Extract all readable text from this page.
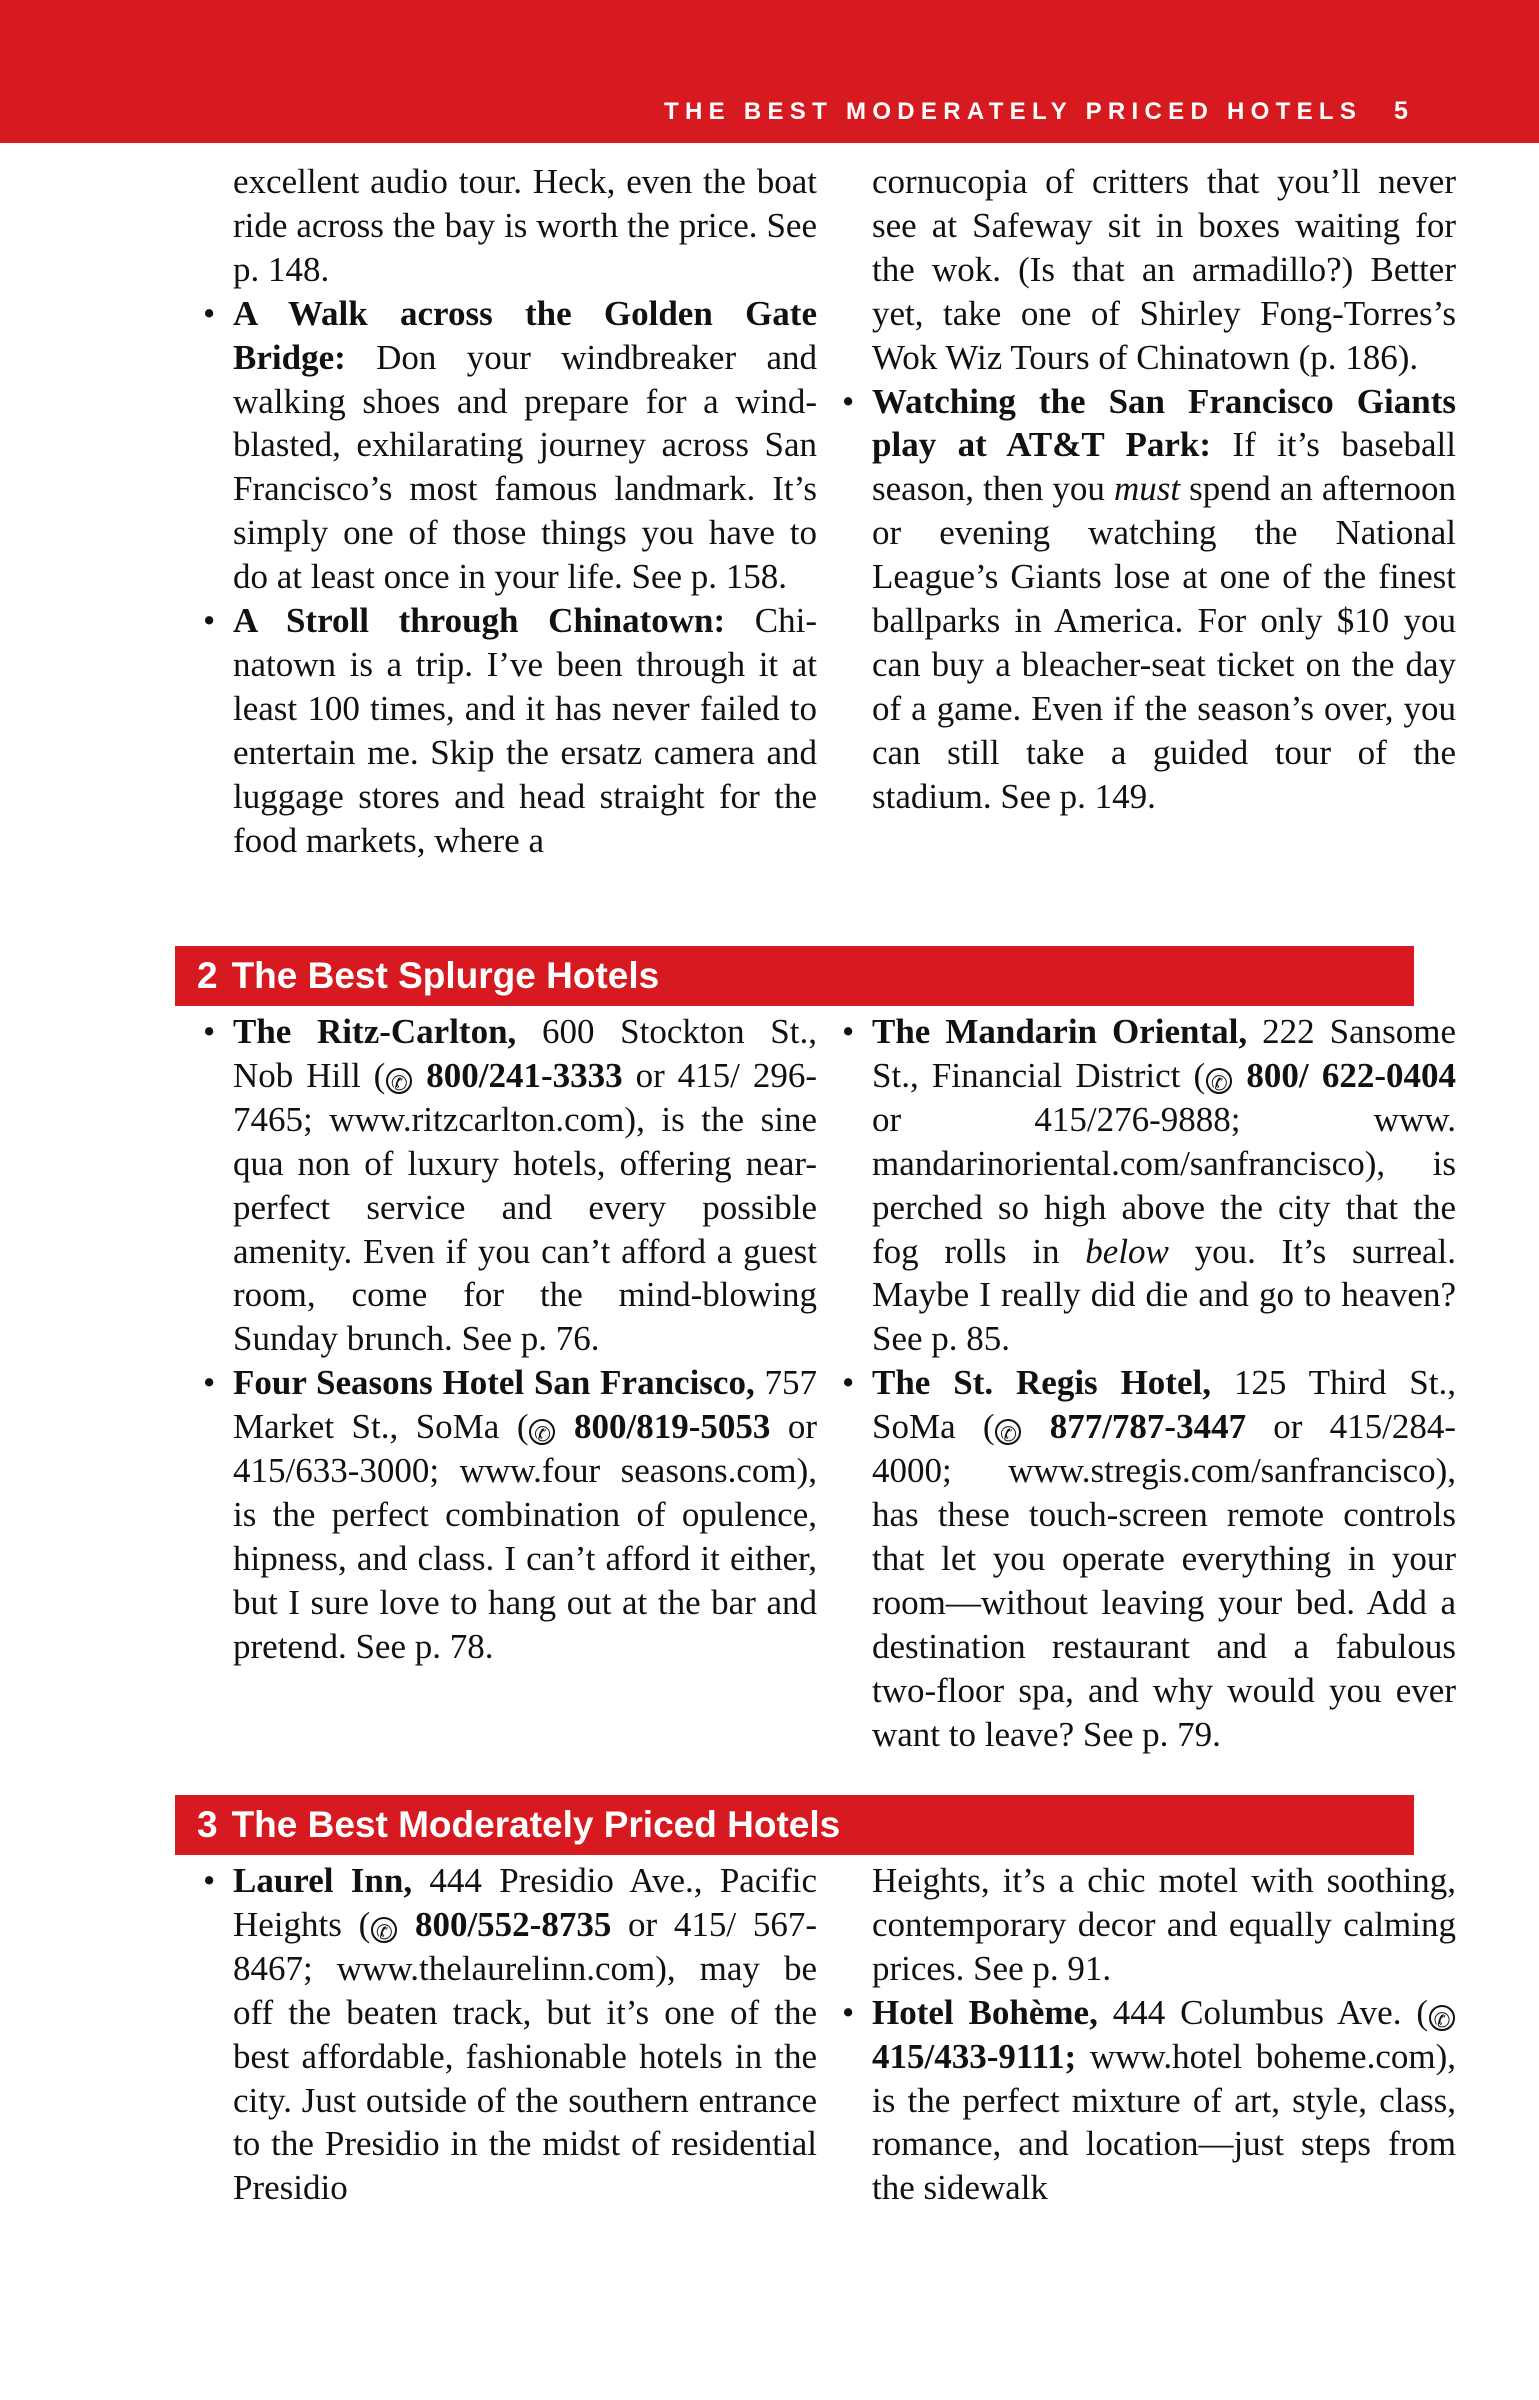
THE BEST MODERATELY PRICED HOTELS 5

excellent audio tour. Heck, even the boat ride across the bay is worth the price. See p. 148.

• A Walk across the Golden Gate Bridge: Don your windbreaker and walking shoes and prepare for a wind-blasted, exhilarating journey across San Francisco’s most famous landmark. It’s simply one of those things you have to do at least once in your life. See p. 158.

• A Stroll through Chinatown: Chinatown is a trip. I’ve been through it at least 100 times, and it has never failed to entertain me. Skip the ersatz camera and luggage stores and head straight for the food markets, where a

cornucopia of critters that you’ll never see at Safeway sit in boxes waiting for the wok. (Is that an armadillo?) Better yet, take one of Shirley Fong-Torres’s Wok Wiz Tours of Chinatown (p. 186).

• Watching the San Francisco Giants play at AT&T Park: If it’s baseball season, then you must spend an afternoon or evening watching the National League’s Giants lose at one of the finest ballparks in America. For only $10 you can buy a bleacher-seat ticket on the day of a game. Even if the season’s over, you can still take a guided tour of the stadium. See p. 149.

2 The Best Splurge Hotels

• The Ritz-Carlton, 600 Stockton St., Nob Hill ( ✆ 800/241-3333 or 415/ 296-7465; www.ritzcarlton.com), is the sine qua non of luxury hotels, offering near-perfect service and every possible amenity. Even if you can’t afford a guest room, come for the mind-blowing Sunday brunch. See p. 76.

• Four Seasons Hotel San Francisco, 757 Market St., SoMa ( ✆ 800/819-5053 or 415/633-3000; www.four seasons.com), is the perfect combination of opulence, hipness, and class. I can’t afford it either, but I sure love to hang out at the bar and pretend. See p. 78.

• The Mandarin Oriental, 222 Sansome St., Financial District ( ✆ 800/ 622-0404 or 415/276-9888; www. mandarinoriental.com/sanfrancisco), is perched so high above the city that the fog rolls in below you. It’s surreal. Maybe I really did die and go to heaven? See p. 85.

• The St. Regis Hotel, 125 Third St., SoMa ( ✆ 877/787-3447 or 415/284-4000; www.stregis.com/sanfrancisco), has these touch-screen remote controls that let you operate everything in your room—without leaving your bed. Add a destination restaurant and a fabulous two-floor spa, and why would you ever want to leave? See p. 79.

3 The Best Moderately Priced Hotels

• Laurel Inn, 444 Presidio Ave., Pacific Heights ( ✆ 800/552-8735 or 415/ 567-8467; www.thelaurelinn.com), may be off the beaten track, but it’s one of the best affordable, fashionable hotels in the city. Just outside of the southern entrance to the Presidio in the midst of residential Presidio

Heights, it’s a chic motel with soothing, contemporary decor and equally calming prices. See p. 91.

• Hotel Bohème, 444 Columbus Ave. ( ✆ 415/433-9111; www.hotel boheme.com), is the perfect mixture of art, style, class, romance, and location—just steps from the sidewalk
